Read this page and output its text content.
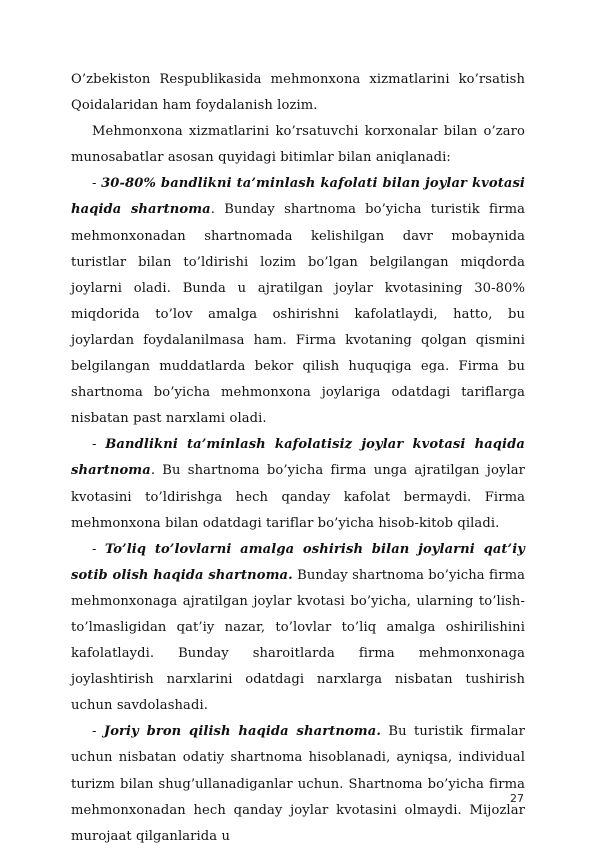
O’zbekiston Respublikasida mehmonxona xizmatlarini ko’rsatish Qoidalaridan ham foydalanish lozim.

Mehmonxona xizmatlarini ko’rsatuvchi korxonalar bilan o’zaro munosabatlar asosan quyidagi bitimlar bilan aniqlanadi:

- 30-80% bandlikni ta’minlash kafolati bilan joylar kvotasi haqida shartnoma. Bunday shartnoma bo’yicha turistik firma mehmonxonadan shartnomada kelishilgan davr mobaynida turistlar bilan to’ldirishi lozim bo’lgan belgilangan miqdorda joylarni oladi. Bunda u ajratilgan joylar kvotasining 30-80% miqdorida to’lov amalga oshirishni kafolatlaydi, hatto, bu joylardan foydalanilmasa ham. Firma kvotaning qolgan qismini belgilangan muddatlarda bekor qilish huquqiga ega. Firma bu shartnoma bo’yicha mehmonxona joylariga odatdagi tariflarga nisbatan past narxlami oladi.

- Bandlikni ta’minlash kafolatisiz joylar kvotasi haqida shartnoma. Bu shartnoma bo’yicha firma unga ajratilgan joylar kvotasini to’ldirishga hech qanday kafolat bermaydi. Firma mehmonxona bilan odatdagi tariflar bo’yicha hisob-kitob qiladi.

- To’liq to’lovlarni amalga oshirish bilan joylarni qat’iy sotib olish haqida shartnoma. Bunday shartnoma bo’yicha firma mehmonxonaga ajratilgan joylar kvotasi bo’yicha, ularning to’lish-to’lmasligidan qat’iy nazar, to’lovlar to’liq amalga oshirilishini kafolatlaydi. Bunday sharoitlarda firma mehmonxonaga joylashtirish narxlarini odatdagi narxlarga nisbatan tushirish uchun savdolashadi.

- Joriy bron qilish haqida shartnoma. Bu turistik firmalar uchun nisbatan odatiy shartnoma hisoblanadi, ayniqsa, individual turizm bilan shug’ullanadiganlar uchun. Shartnoma bo’yicha firma mehmonxonadan hech qanday joylar kvotasini olmaydi. Mijozlar murojaat qilganlarida u

27
